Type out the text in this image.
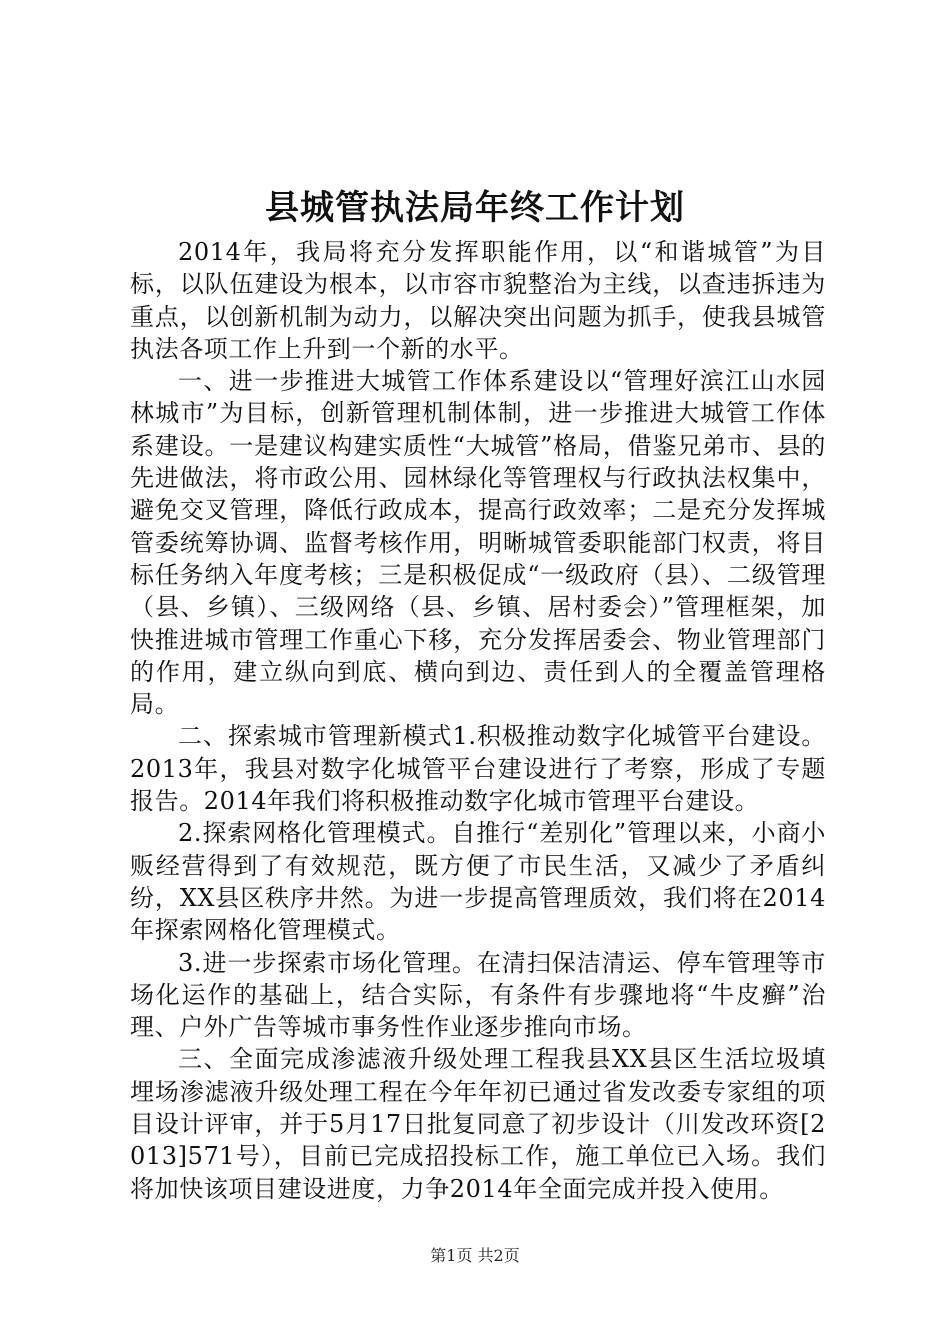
县城管执法局年终工作计划

2014年，我局将充分发挥职能作用，以“和谐城管”为目标，以队伍建设为根本，以市容市貌整治为主线，以查违拆违为重点，以创新机制为动力，以解决突出问题为抓手，使我县城管执法各项工作上升到一个新的水平。

一、进一步推进大城管工作体系建设以“管理好滨江山水园林城市”为目标，创新管理机制体制，进一步推进大城管工作体系建设。一是建议构建实质性“大城管”格局，借鉴兄弟市、县的先进做法，将市政公用、园林绿化等管理权与行政执法权集中，避免交叉管理，降低行政成本，提高行政效率；二是充分发挥城管委统筹协调、监督考核作用，明晰城管委职能部门权责，将目标任务纳入年度考核；三是积极促成“一级政府（县）、二级管理（县、乡镇）、三级网络（县、乡镇、居村委会）”管理框架，加快推进城市管理工作重心下移，充分发挥居委会、物业管理部门的作用，建立纵向到底、横向到边、责任到人的全覆盖管理格局。

二、探索城市管理新模式1.积极推动数字化城管平台建设。2013年，我县对数字化城管平台建设进行了考察，形成了专题报告。2014年我们将积极推动数字化城市管理平台建设。

2.探索网格化管理模式。自推行“差别化”管理以来，小商小贩经营得到了有效规范，既方便了市民生活，又减少了矛盾纠纷，XX县区秩序井然。为进一步提高管理质效，我们将在2014年探索网格化管理模式。

3.进一步探索市场化管理。在清扫保洁清运、停车管理等市场化运作的基础上，结合实际，有条件有步骤地将“牛皮癣”治理、户外广告等城市事务性作业逐步推向市场。

三、全面完成渗滤液升级处理工程我县XX县区生活垃圾填埋场渗滤液升级处理工程在今年年初已通过省发改委专家组的项目设计评审，并于5月17日批复同意了初步设计（川发改环资[2013]571号），目前已完成招投标工作，施工单位已入场。我们将加快该项目建设进度，力争2014年全面完成并投入使用。

第1页 共2页
